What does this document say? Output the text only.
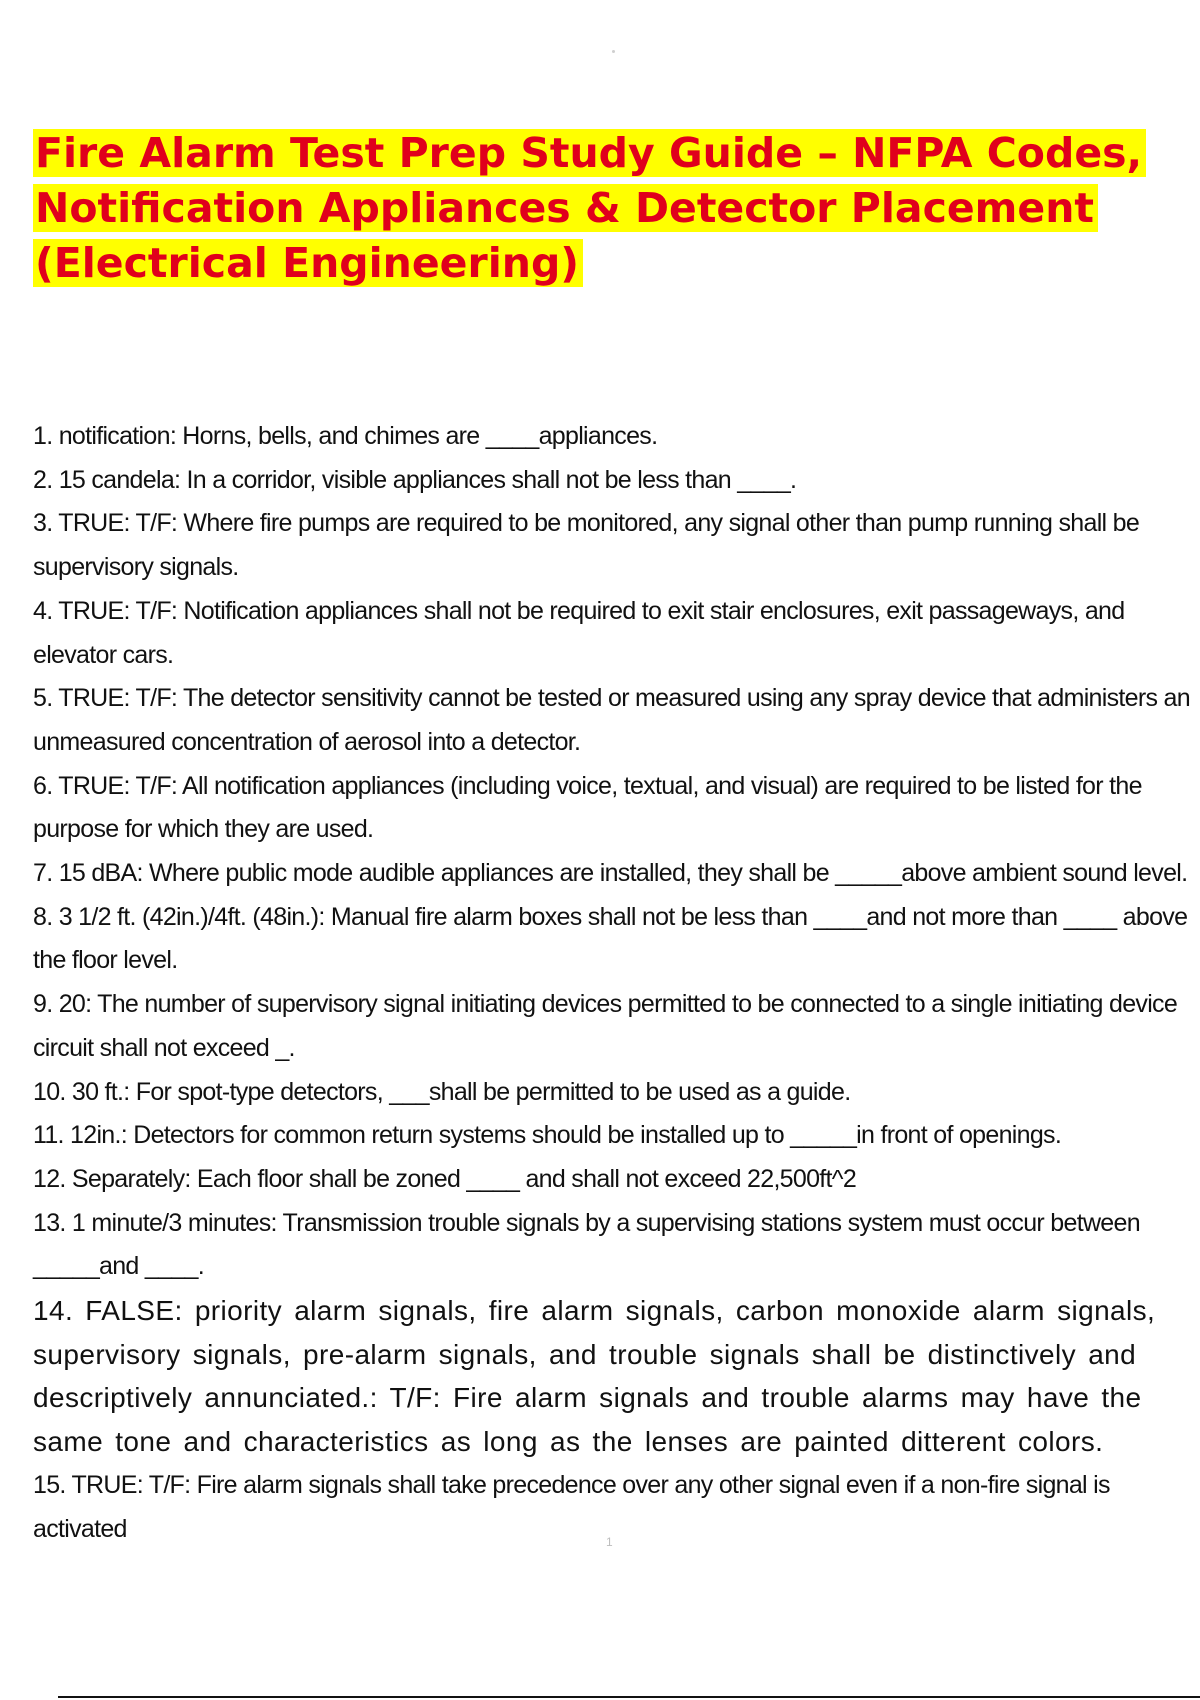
Fire Alarm Test Prep Study Guide – NFPA Codes,
Notification Appliances & Detector Placement
(Electrical Engineering)
1. notification: Horns, bells, and chimes are ____appliances.
2. 15 candela: In a corridor, visible appliances shall not be less than ____.
3. TRUE: T/F: Where fire pumps are required to be monitored, any signal other than pump running shall be supervisory signals.
4. TRUE: T/F: Notification appliances shall not be required to exit stair enclosures, exit passageways, and elevator cars.
5. TRUE: T/F: The detector sensitivity cannot be tested or measured using any spray device that administers an unmeasured concentration of aerosol into a detector.
6. TRUE: T/F: All notification appliances (including voice, textual, and visual) are required to be listed for the purpose for which they are used.
7. 15 dBA: Where public mode audible appliances are installed, they shall be _____above ambient sound level.
8. 3 1/2 ft. (42in.)/4ft. (48in.): Manual fire alarm boxes shall not be less than ____and not more than ____ above the floor level.
9. 20: The number of supervisory signal initiating devices permitted to be connected to a single initiating device circuit shall not exceed _.
10. 30 ft.: For spot-type detectors, ___shall be permitted to be used as a guide.
11. 12in.: Detectors for common return systems should be installed up to _____in front of openings.
12. Separately: Each floor shall be zoned ____ and shall not exceed 22,500ft^2
13. 1 minute/3 minutes: Transmission trouble signals by a supervising stations system must occur between _____and ____.
14. FALSE: priority alarm signals, fire alarm signals, carbon monoxide alarm signals, supervisory signals, pre-alarm signals, and trouble signals shall be distinctively and descriptively annunciated.: T/F: Fire alarm signals and trouble alarms may have the same tone and characteristics as long as the lenses are painted ditterent colors.
15. TRUE: T/F: Fire alarm signals shall take precedence over any other signal even if a non-fire signal is activated	1
